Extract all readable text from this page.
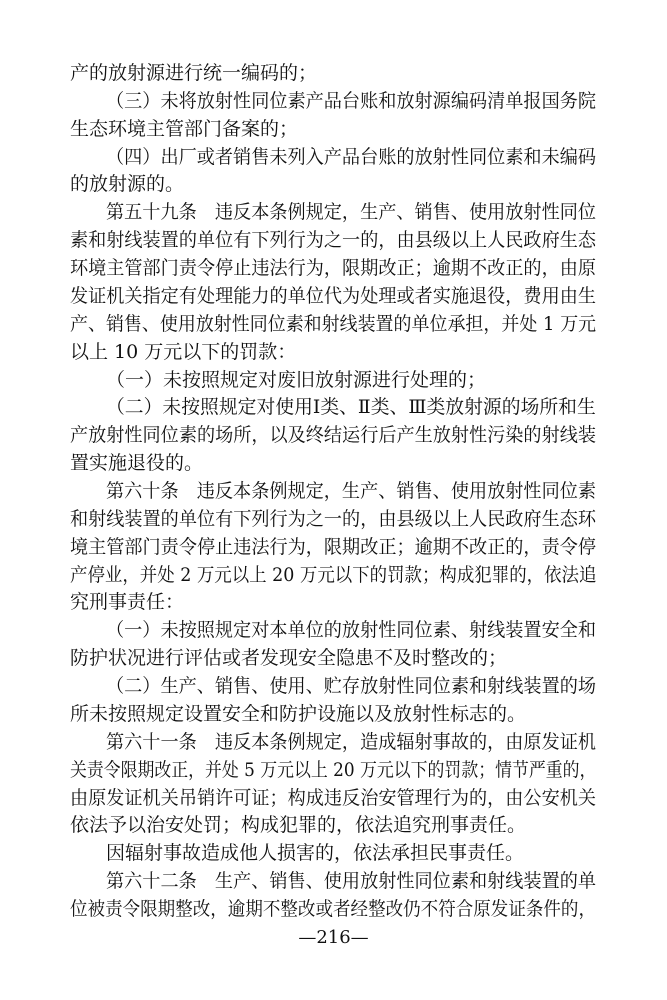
产的放射源进行统一编码的；
（三）未将放射性同位素产品台账和放射源编码清单报国务院
生态环境主管部门备案的；
（四）出厂或者销售未列入产品台账的放射性同位素和未编码
的放射源的。
第五十九条　违反本条例规定，生产、销售、使用放射性同位
素和射线装置的单位有下列行为之一的，由县级以上人民政府生态
环境主管部门责令停止违法行为，限期改正；逾期不改正的，由原
发证机关指定有处理能力的单位代为处理或者实施退役，费用由生
产、销售、使用放射性同位素和射线装置的单位承担，并处 1 万元
以上 10 万元以下的罚款：
（一）未按照规定对废旧放射源进行处理的；
（二）未按照规定对使用Ⅰ类、Ⅱ类、Ⅲ类放射源的场所和生
产放射性同位素的场所，以及终结运行后产生放射性污染的射线装
置实施退役的。
第六十条　违反本条例规定，生产、销售、使用放射性同位素
和射线装置的单位有下列行为之一的，由县级以上人民政府生态环
境主管部门责令停止违法行为，限期改正；逾期不改正的，责令停
产停业，并处 2 万元以上 20 万元以下的罚款；构成犯罪的，依法追
究刑事责任：
（一）未按照规定对本单位的放射性同位素、射线装置安全和
防护状况进行评估或者发现安全隐患不及时整改的；
（二）生产、销售、使用、贮存放射性同位素和射线装置的场
所未按照规定设置安全和防护设施以及放射性标志的。
第六十一条　违反本条例规定，造成辐射事故的，由原发证机
关责令限期改正，并处 5 万元以上 20 万元以下的罚款；情节严重的，
由原发证机关吊销许可证；构成违反治安管理行为的，由公安机关
依法予以治安处罚；构成犯罪的，依法追究刑事责任。
因辐射事故造成他人损害的，依法承担民事责任。
第六十二条　生产、销售、使用放射性同位素和射线装置的单
位被责令限期整改，逾期不整改或者经整改仍不符合原发证条件的，
—216—
